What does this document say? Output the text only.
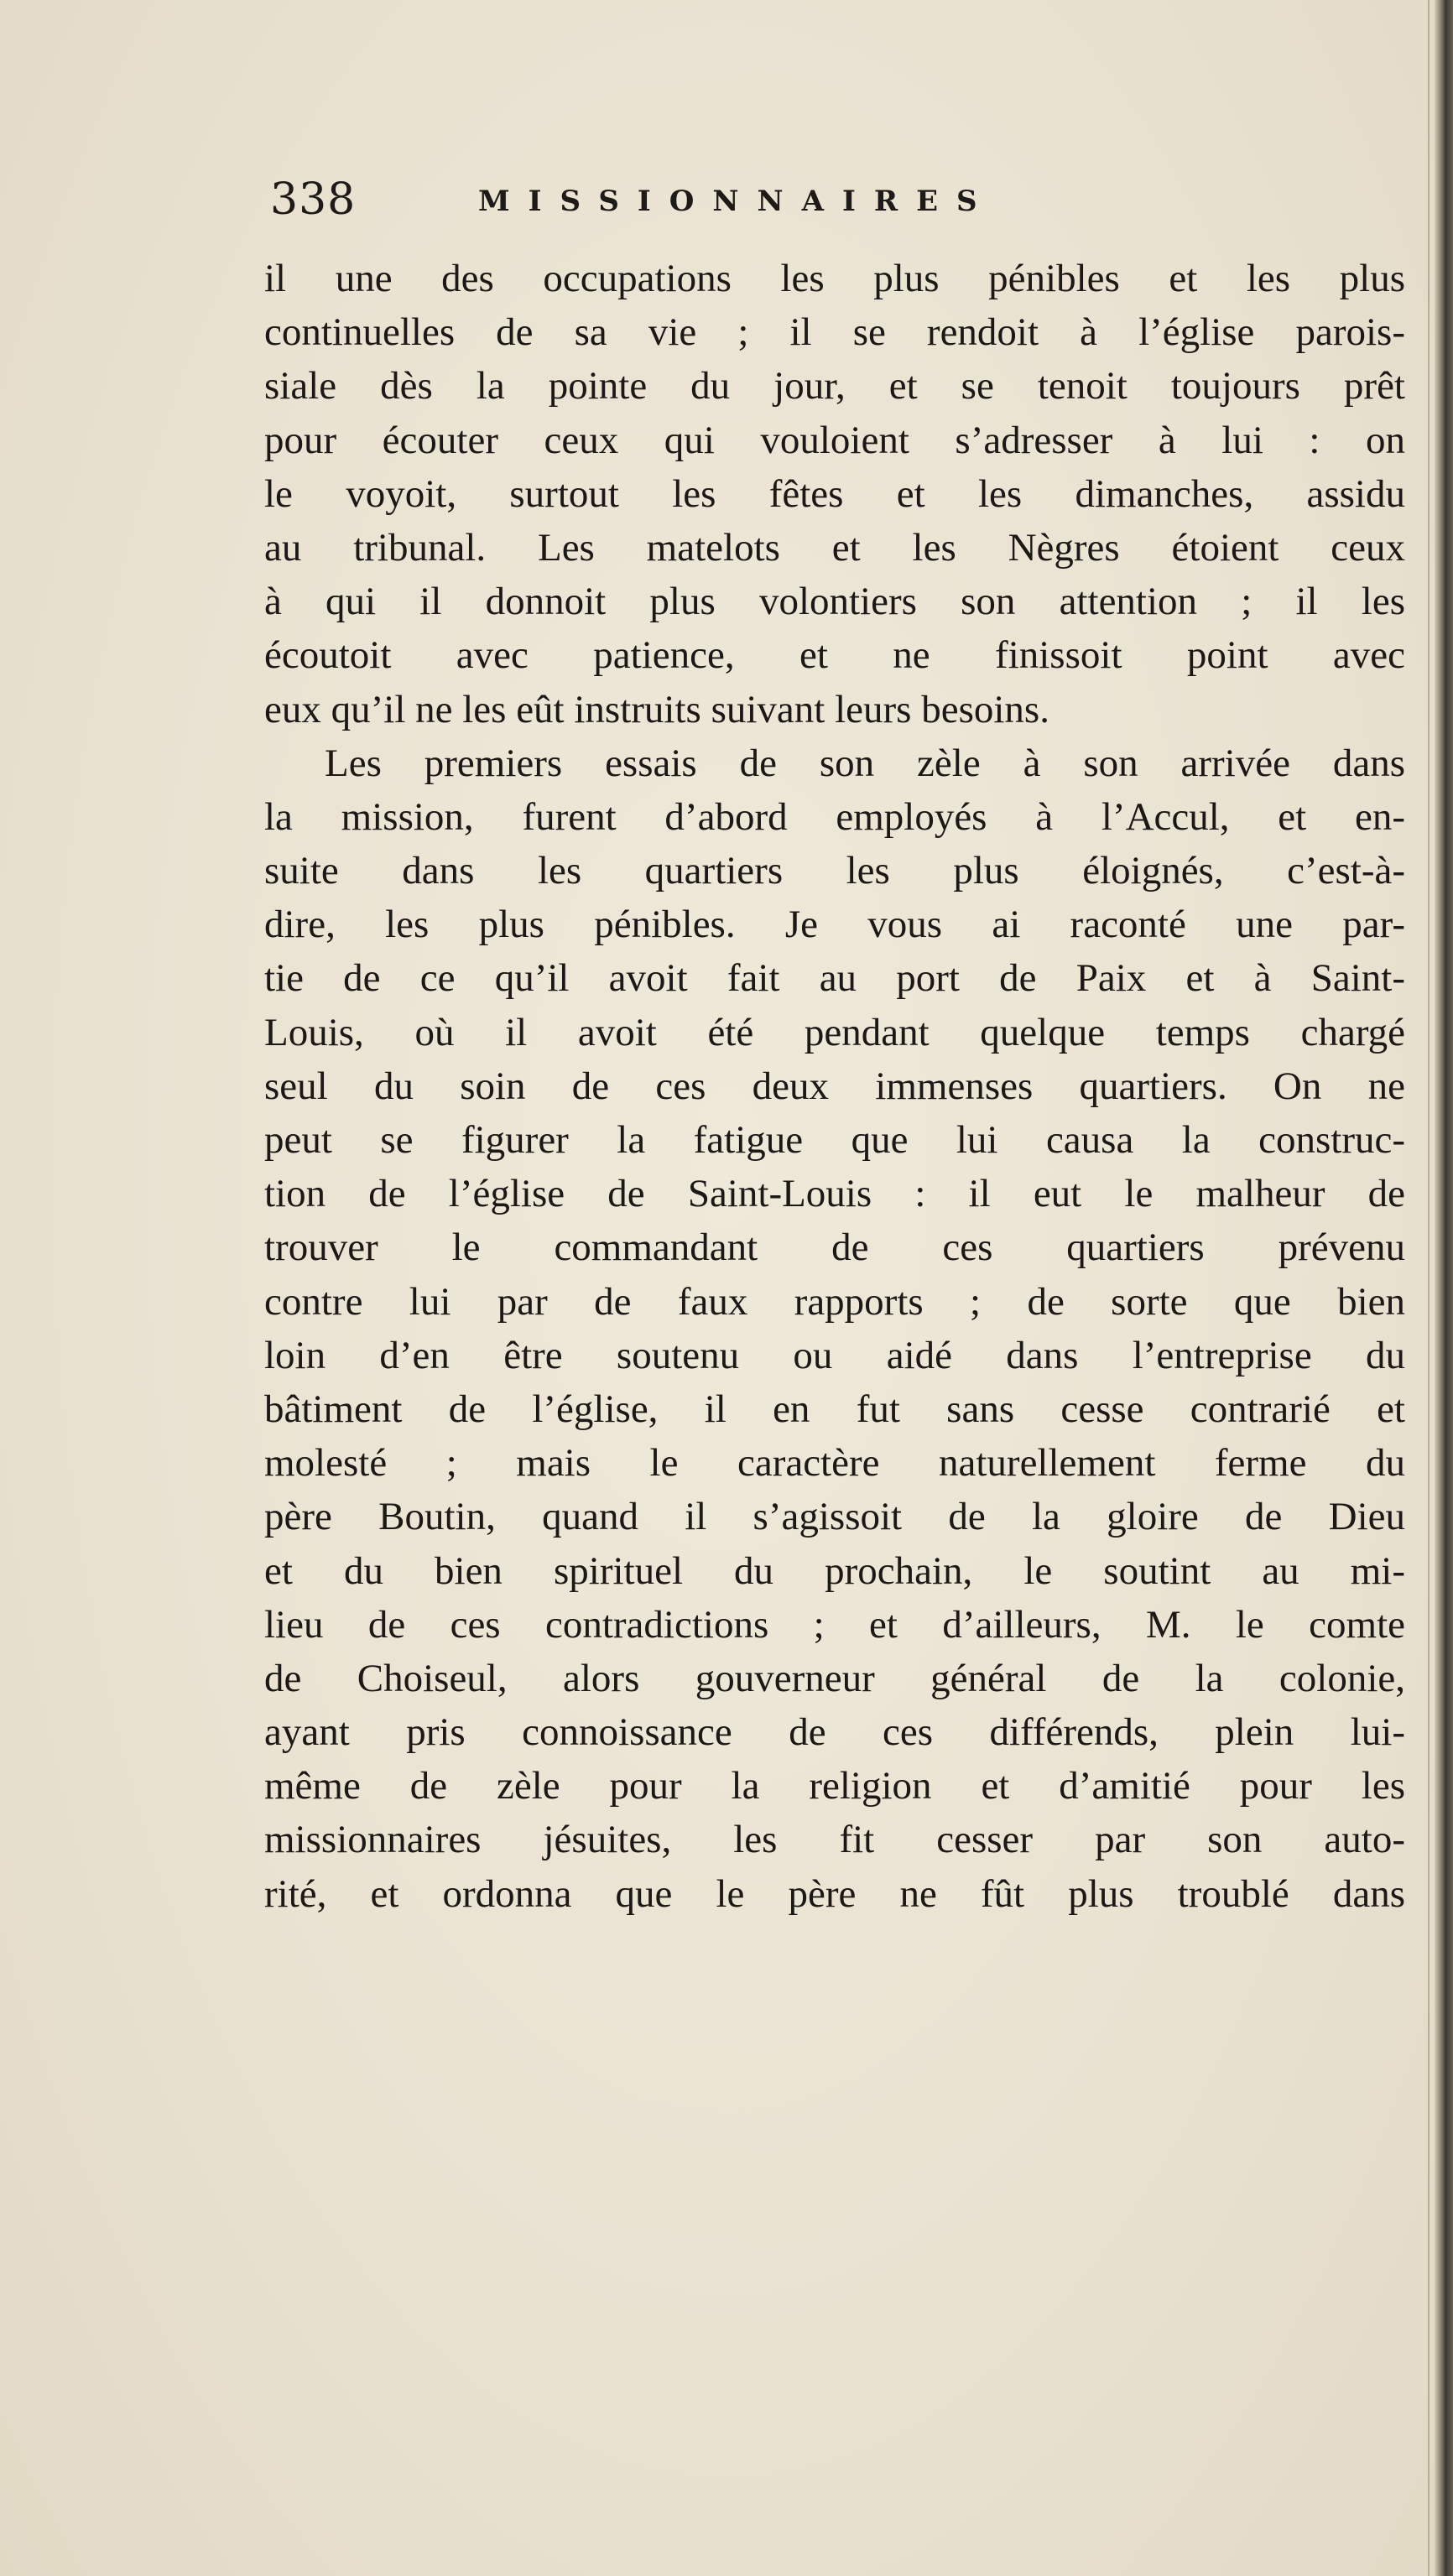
338	MISSIONNAIRES
il une des occupations les plus pénibles et les plus
continuelles de sa vie ; il se rendoit à l’église parois-
siale dès la pointe du jour, et se tenoit toujours prêt
pour écouter ceux qui vouloient s’adresser à lui : on
le voyoit, surtout les fêtes et les dimanches, assidu
au tribunal. Les matelots et les Nègres étoient ceux
à qui il donnoit plus volontiers son attention ; il les
écoutoit avec patience, et ne finissoit point avec
eux qu’il ne les eût instruits suivant leurs besoins.
Les premiers essais de son zèle à son arrivée dans
la mission, furent d’abord employés à l’Accul, et en-
suite dans les quartiers les plus éloignés, c’est-à-
dire, les plus pénibles. Je vous ai raconté une par-
tie de ce qu’il avoit fait au port de Paix et à Saint-
Louis, où il avoit été pendant quelque temps chargé
seul du soin de ces deux immenses quartiers. On ne
peut se figurer la fatigue que lui causa la construc-
tion de l’église de Saint-Louis : il eut le malheur de
trouver le commandant de ces quartiers prévenu
contre lui par de faux rapports ; de sorte que bien
loin d’en être soutenu ou aidé dans l’entreprise du
bâtiment de l’église, il en fut sans cesse contrarié et
molesté ; mais le caractère naturellement ferme du
père Boutin, quand il s’agissoit de la gloire de Dieu
et du bien spirituel du prochain, le soutint au mi-
lieu de ces contradictions ; et d’ailleurs, M. le comte
de Choiseul, alors gouverneur général de la colonie,
ayant pris connoissance de ces différends, plein lui-
même de zèle pour la religion et d’amitié pour les
missionnaires jésuites, les fit cesser par son auto-
rité, et ordonna que le père ne fût plus troublé dans
